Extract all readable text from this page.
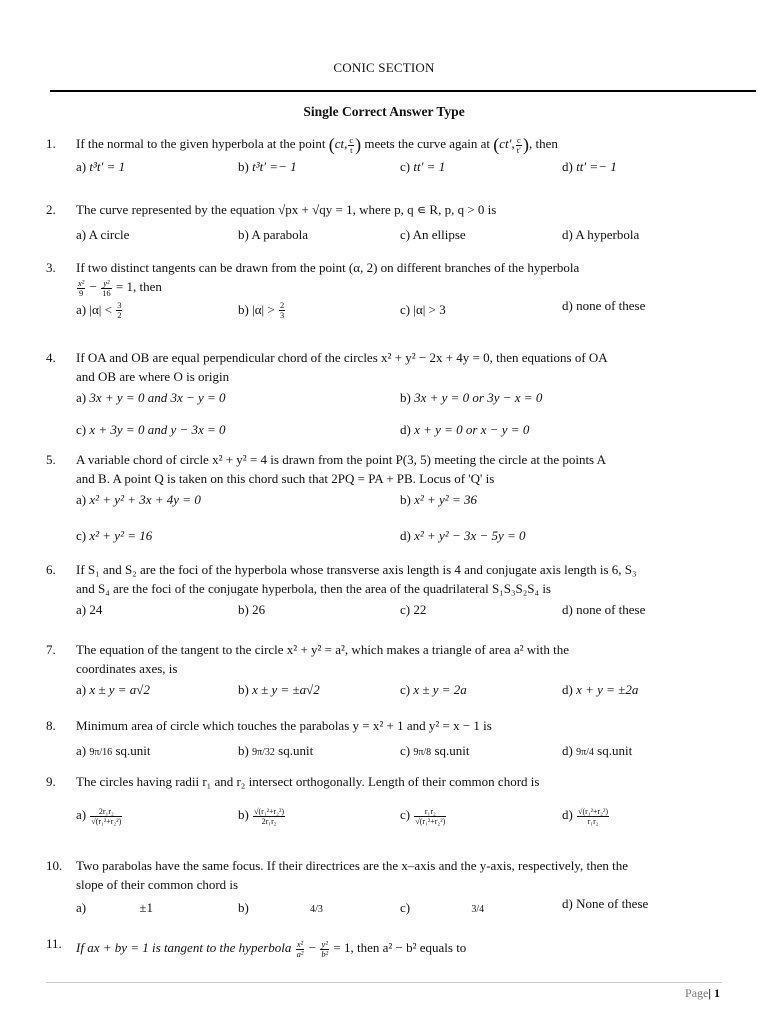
CONIC SECTION
Single Correct Answer Type
1. If the normal to the given hyperbola at the point (ct, $\frac{c}{t}$ ) meets the curve again at (ct′, $\frac{c}{t'}$ ), then
a) t³t′ = 1	b) t³t′ =− 1	c) tt′ = 1	d) tt′ =− 1
2. The curve represented by the equation √px + √qy = 1, where p, q ∊ R, p, q > 0 is
a) A circle	b) A parabola	c) An ellipse	d) A hyperbola
3. If two distinct tangents can be drawn from the point (α, 2) on different branches of the hyperbola
$\frac{\text{x²}}{9} - \frac{\text{y²}}{16} = 1$, then
a) $|\alpha| < \frac{3}{2}$	b) $|\alpha| > \frac{2}{3}$	c) |α| > 3	d) none of these
4. If OA and OB are equal perpendicular chord of the circles x² + y² − 2x + 4y = 0, then equations of OA
and OB are where O is origin
a) 3x + y = 0 and 3x − y = 0	b) 3x + y = 0 or 3y − x = 0
c) x + 3y = 0 and y − 3x = 0	d) x + y = 0 or x − y = 0
5. A variable chord of circle x² + y² = 4 is drawn from the point P(3, 5) meeting the circle at the points A
and B. A point Q is taken on this chord such that 2PQ = PA + PB. Locus of 'Q' is
a) x² + y² + 3x + 4y = 0	b) x² + y² = 36
c) x² + y² = 16	d) x² + y² − 3x − 5y = 0
6. If S₁ and S₂ are the foci of the hyperbola whose transverse axis length is 4 and conjugate axis length is 6, S₃
and S₄ are the foci of the conjugate hyperbola, then the area of the quadrilateral S₁S₃S₂S₄ is
a) 24	b) 26	c) 22	d) none of these
7. The equation of the tangent to the circle x² + y² = a², which makes a triangle of area a² with the
coordinates axes, is
a) x ± y = a√2	b) x ± y = ±a√2	c) x ± y = 2a	d) x + y = ±2a
8. Minimum area of circle which touches the parabolas y = x² + 1 and y² = x − 1 is
a) 9π/16 sq.unit	b) 9π/32 sq.unit	c) 9π/8 sq.unit	d) 9π/4 sq.unit
9. The circles having radii r₁ and r₂ intersect orthogonally. Length of their common chord is
$a) \frac{\text{2r₁r₂}}{\text{√(r₁²+r₂²)}}$	$b) \frac{\text{√(r₁²+r₂²)}}{\text{2r₁r₂}}$	$c) \frac{\text{r₁r₂}}{\text{√(r₁²+r₂²)}}$	$d) \frac{\text{√(r₁²+r₂²)}}{\text{r₁r₂}}$
10. Two parabolas have the same focus. If their directrices are the x–axis and the y-axis, respectively, then the
slope of their common chord is
a)	±1	b)	4/3	c)	3/4	d) None of these
11. If ax + by = 1 is tangent to the hyperbola $\frac{\text{x²}}{\text{a²}} - \frac{\text{y²}}{\text{b²}} = 1$, then a² − b² equals to
Page| 1
